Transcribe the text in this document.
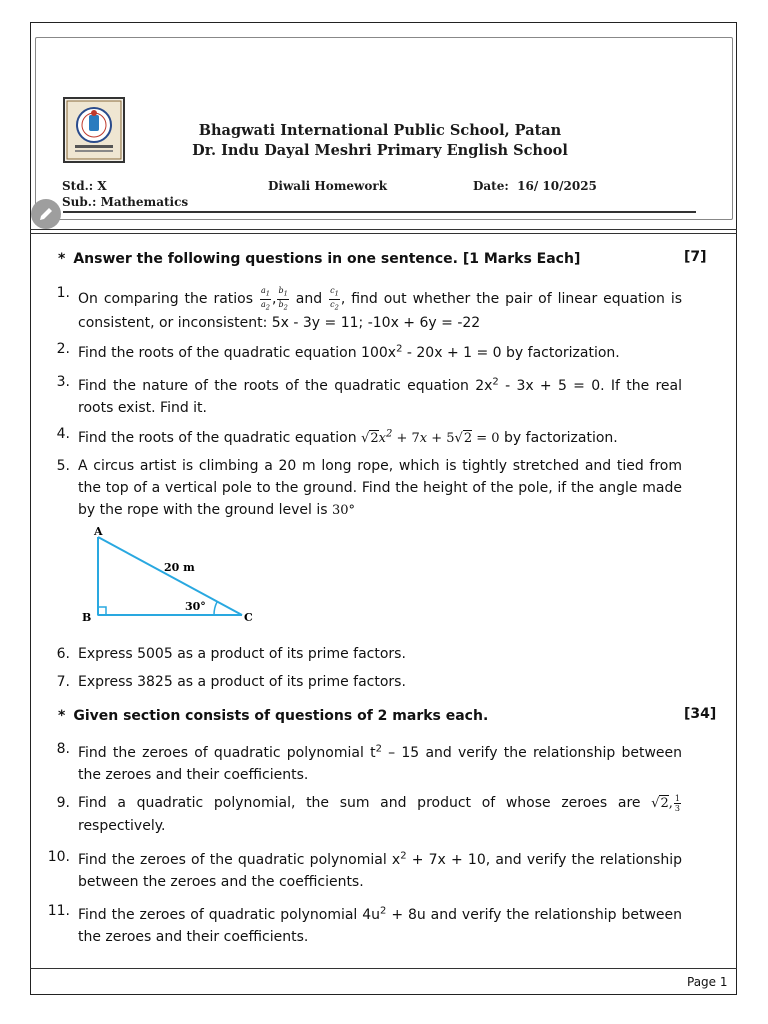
Bhagwati International Public School, Patan
Dr. Indu Dayal Meshri Primary English School
Std.: X	Diwali Homework	Date: 16/ 10/2025
Sub.: Mathematics
* Answer the following questions in one sentence. [1 Marks Each]	[7]
1. On comparing the ratios $\frac{a_1}{a_2}$ , $\frac{b_1}{b_2}$ and $\frac{c_1}{c_2}$ , find out whether the pair of linear equation is consistent, or inconsistent: 5x - 3y = 11; -10x + 6y = -22
2. Find the roots of the quadratic equation $100x^2 - 20x + 1 = 0$ by factorization.
3. Find the nature of the roots of the quadratic equation $2x^2 - 3x + 5 = 0$. If the real roots exist. Find it.
4. Find the roots of the quadratic equation $√2x^2 + 7x + 5√2 = 0$ by factorization.
5. A circus artist is climbing a 20 m long rope, which is tightly stretched and tied from the top of a vertical pole to the ground. Find the height of the pole, if the angle made by the rope with the ground level is 30°
A
B	C
20 m
30°
6. Express 5005 as a product of its prime factors.
7. Express 3825 as a product of its prime factors.
* Given section consists of questions of 2 marks each.	[34]
8. Find the zeroes of quadratic polynomial $t^2 - 15$ and verify the relationship between the zeroes and their coefficients.
9. Find a quadratic polynomial, the sum and product of whose zeroes are √2, $\frac{1}{3}$
respectively.
10. Find the zeroes of the quadratic polynomial $x^2 + 7x + 10$, and verify the relationship between the zeroes and the coefficients.
11. Find the zeroes of quadratic polynomial $4u^2 + 8u$ and verify the relationship between the zeroes and their coefficients.
Page 1
